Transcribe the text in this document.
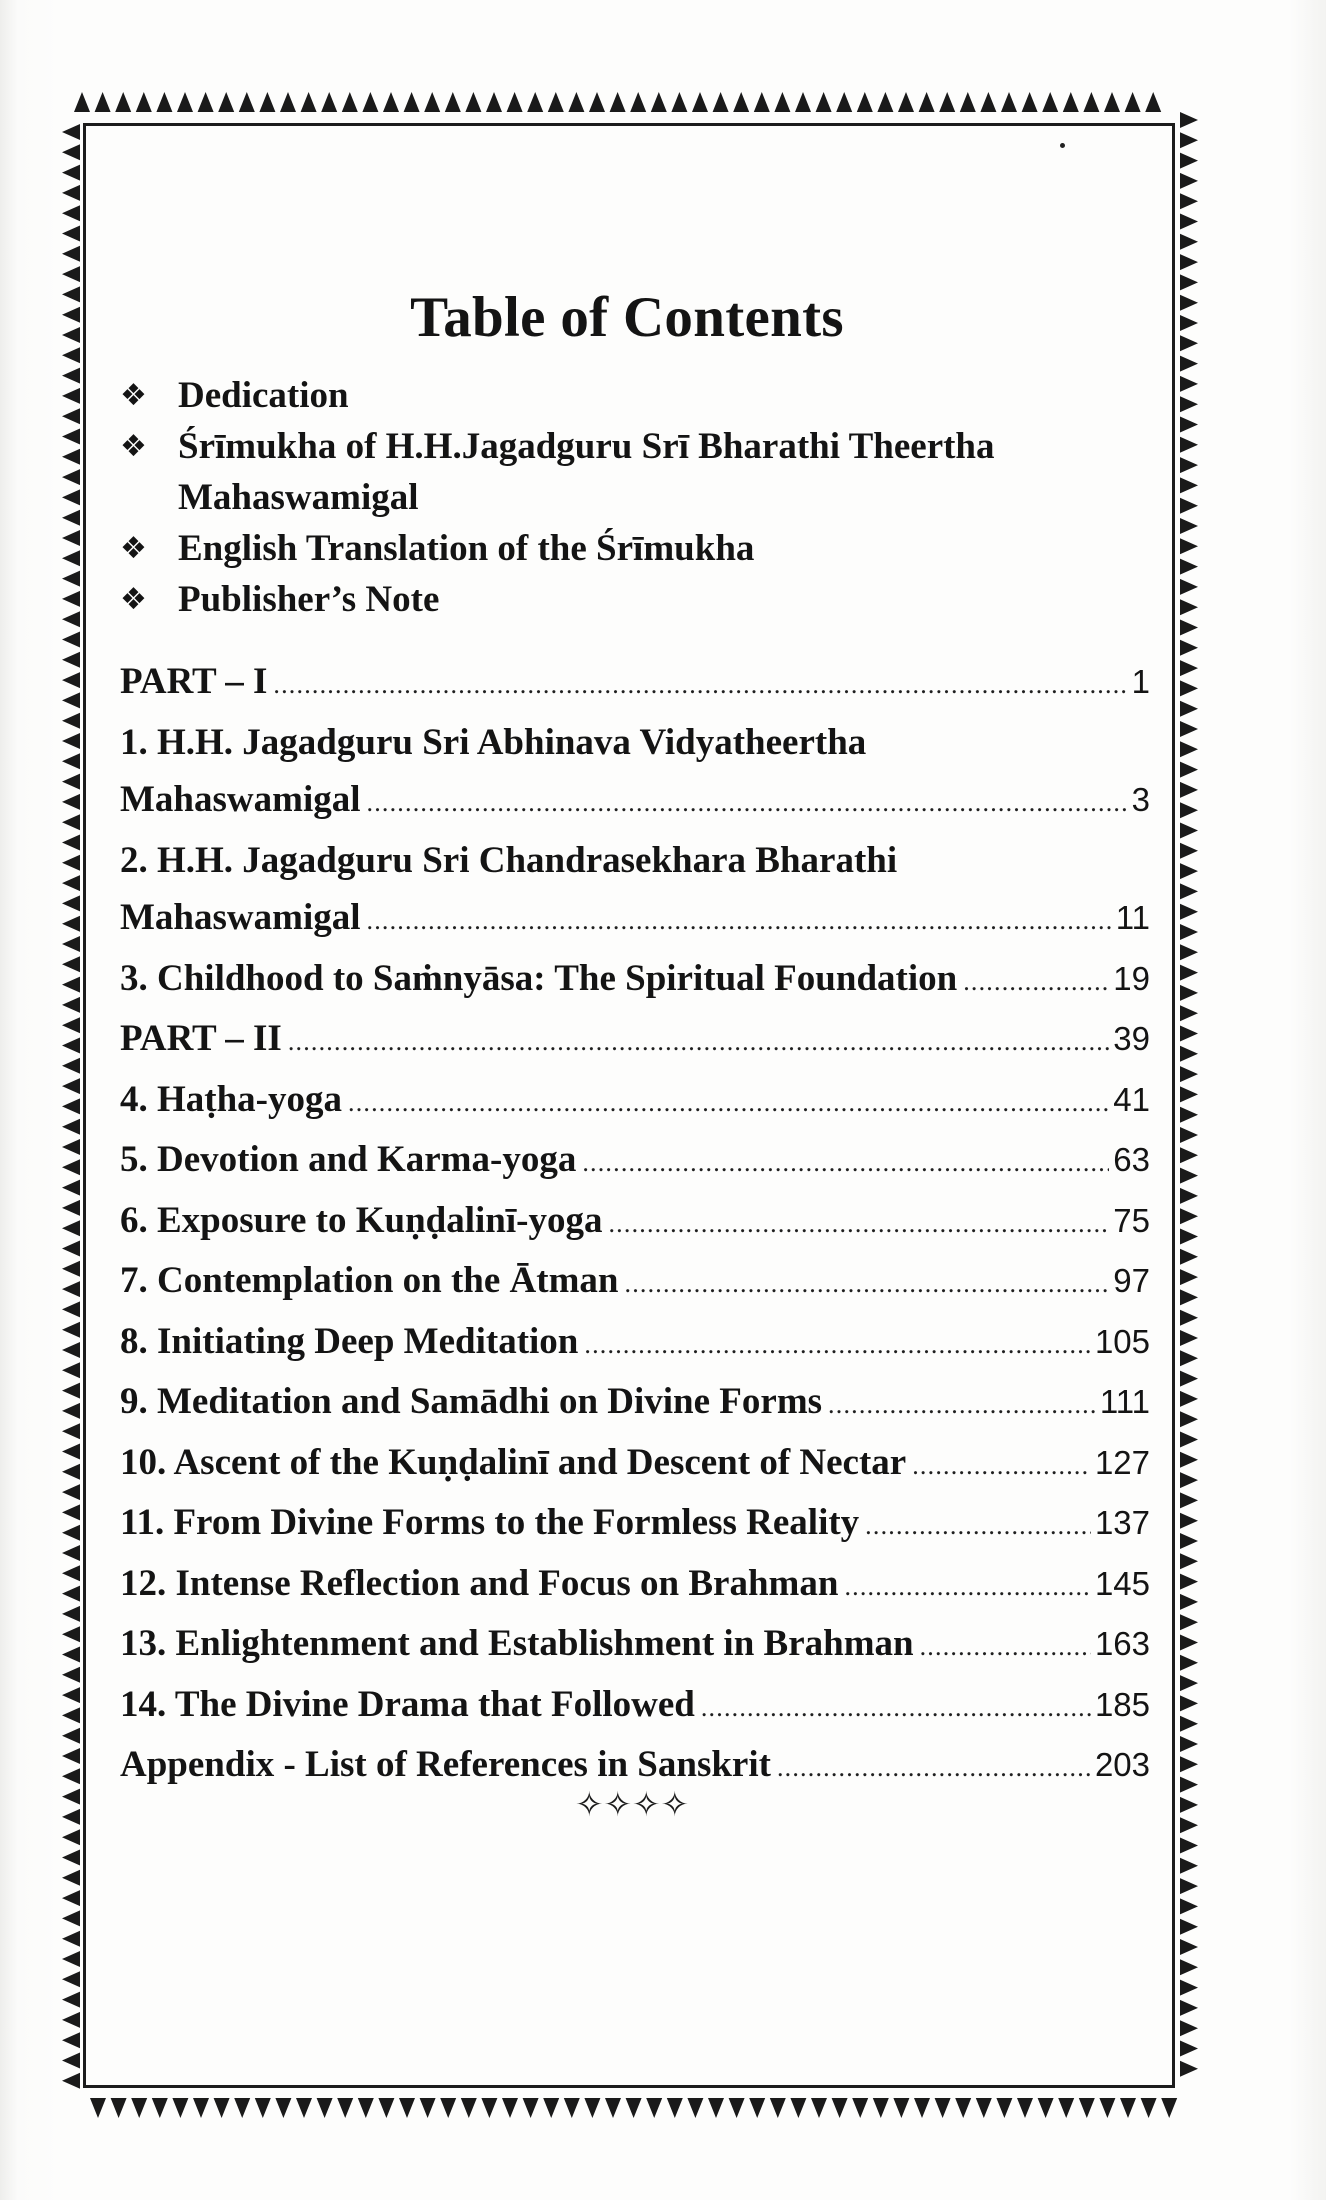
Table of Contents
❖ Dedication
❖ Śrīmukha of H.H.Jagadguru Srī Bharathi Theertha Mahaswamigal
❖ English Translation of the Śrīmukha
❖ Publisher’s Note
PART – I .....	1
1. H.H. Jagadguru Sri Abhinava Vidyatheertha
Mahaswamigal .....	3
2. H.H. Jagadguru Sri Chandrasekhara Bharathi
Mahaswamigal .....	11
3. Childhood to Saṁnyāsa: The Spiritual Foundation .....	19
PART – II .....	39
4. Haṭha-yoga .....	41
5. Devotion and Karma-yoga .....	63
6. Exposure to Kuṇḍalinī-yoga .....	75
7. Contemplation on the Ātman .....	97
8. Initiating Deep Meditation .....	105
9. Meditation and Samādhi on Divine Forms .....	111
10. Ascent of the Kuṇḍalinī and Descent of Nectar .....	127
11. From Divine Forms to the Formless Reality .....	137
12. Intense Reflection and Focus on Brahman .....	145
13. Enlightenment and Establishment in Brahman .....	163
14. The Divine Drama that Followed .....	185
Appendix - List of References in Sanskrit .....	203
✧✧✧✧
